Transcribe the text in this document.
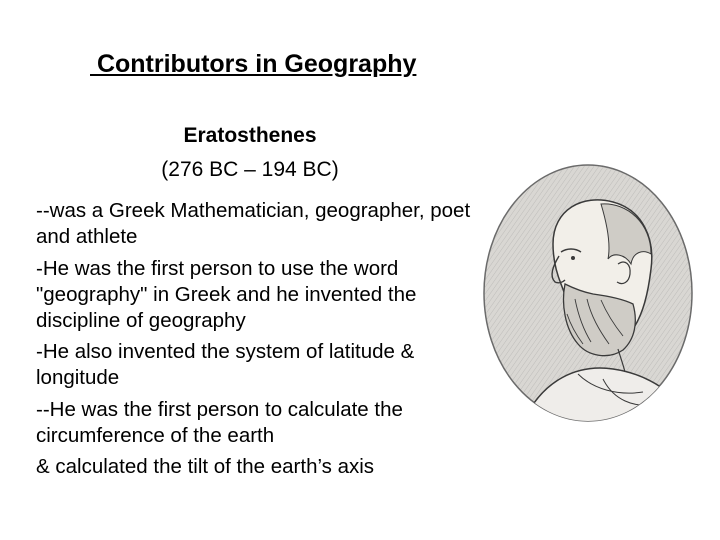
Contributors in Geography
Eratosthenes
(276 BC – 194 BC)
--was a Greek Mathematician, geographer, poet and athlete
-He was the first person to use the word "geography" in Greek and he invented the discipline of geography
-He also invented the system of latitude & longitude
--He was the first person to calculate the circumference of the earth
& calculated the tilt of the earth’s axis
